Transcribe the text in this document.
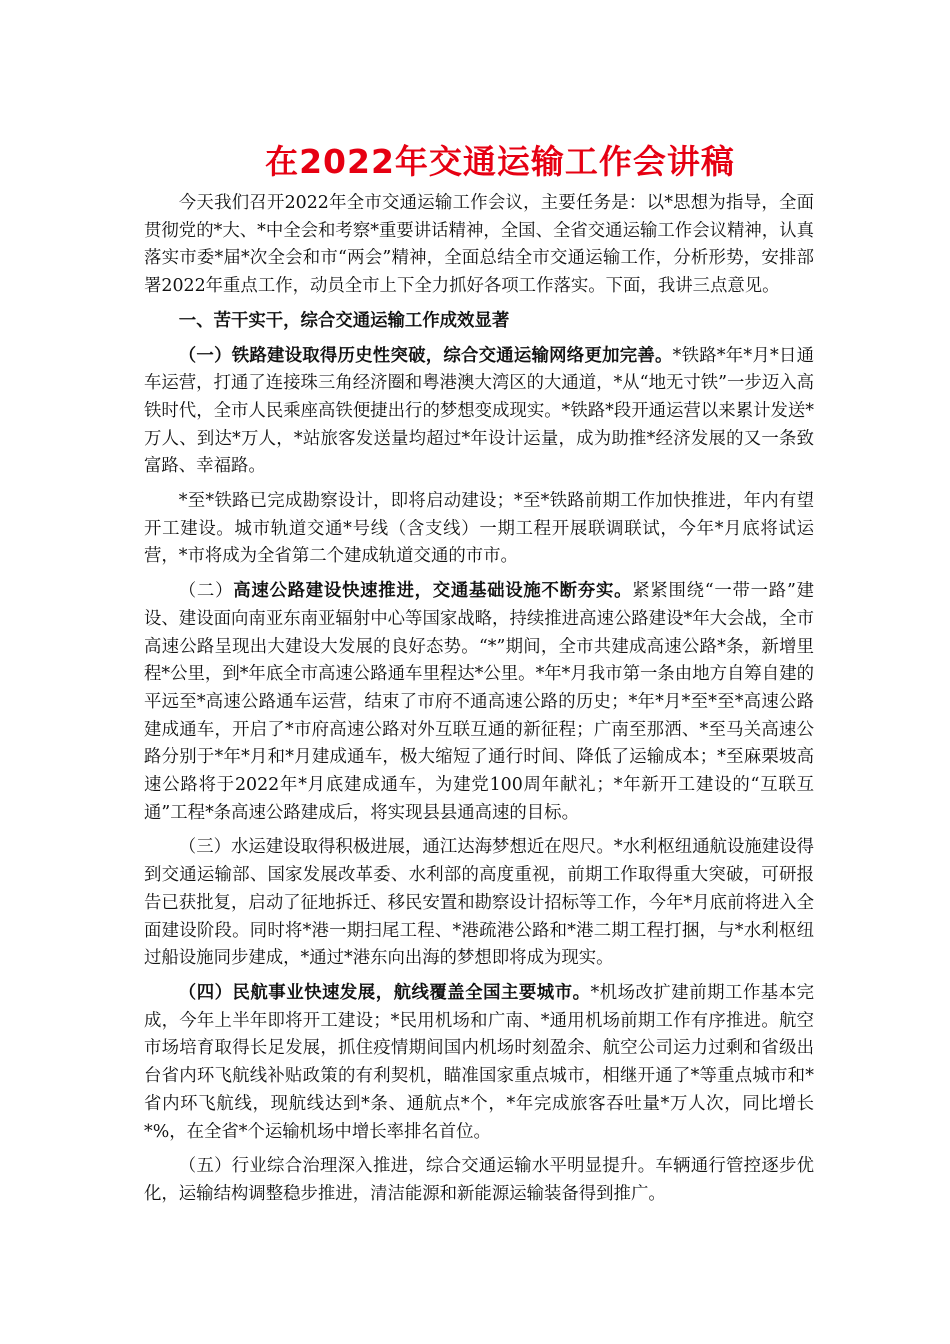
在2022年交通运输工作会讲稿

今天我们召开2022年全市交通运输工作会议，主要任务是：以*思想为指导，全面贯彻党的*大、*中全会和考察*重要讲话精神，全国、全省交通运输工作会议精神，认真落实市委*届*次全会和市“两会”精神，全面总结全市交通运输工作，分析形势，安排部署2022年重点工作，动员全市上下全力抓好各项工作落实。下面，我讲三点意见。

一、苦干实干，综合交通运输工作成效显著

（一）铁路建设取得历史性突破，综合交通运输网络更加完善。*铁路*年*月*日通车运营，打通了连接珠三角经济圈和粤港澳大湾区的大通道，*从“地无寸铁”一步迈入高铁时代，全市人民乘座高铁便捷出行的梦想变成现实。*铁路*段开通运营以来累计发送*万人、到达*万人，*站旅客发送量均超过*年设计运量，成为助推*经济发展的又一条致富路、幸福路。

*至*铁路已完成勘察设计，即将启动建设；*至*铁路前期工作加快推进，年内有望开工建设。城市轨道交通*号线（含支线）一期工程开展联调联试，今年*月底将试运营，*市将成为全省第二个建成轨道交通的市市。

（二）高速公路建设快速推进，交通基础设施不断夯实。紧紧围绕“一带一路”建设、建设面向南亚东南亚辐射中心等国家战略，持续推进高速公路建设*年大会战，全市高速公路呈现出大建设大发展的良好态势。“*”期间，全市共建成高速公路*条，新增里程*公里，到*年底全市高速公路通车里程达*公里。*年*月我市第一条由地方自筹自建的平远至*高速公路通车运营，结束了市府不通高速公路的历史；*年*月*至*至*高速公路建成通车，开启了*市府高速公路对外互联互通的新征程；广南至那洒、*至马关高速公路分别于*年*月和*月建成通车，极大缩短了通行时间、降低了运输成本；*至麻栗坡高速公路将于2022年*月底建成通车，为建党100周年献礼；*年新开工建设的“互联互通”工程*条高速公路建成后，将实现县县通高速的目标。

（三）水运建设取得积极进展，通江达海梦想近在咫尺。*水利枢纽通航设施建设得到交通运输部、国家发展改革委、水利部的高度重视，前期工作取得重大突破，可研报告已获批复，启动了征地拆迁、移民安置和勘察设计招标等工作，今年*月底前将进入全面建设阶段。同时将*港一期扫尾工程、*港疏港公路和*港二期工程打捆，与*水利枢纽过船设施同步建成，*通过*港东向出海的梦想即将成为现实。

（四）民航事业快速发展，航线覆盖全国主要城市。*机场改扩建前期工作基本完成，今年上半年即将开工建设；*民用机场和广南、*通用机场前期工作有序推进。航空市场培育取得长足发展，抓住疫情期间国内机场时刻盈余、航空公司运力过剩和省级出台省内环飞航线补贴政策的有利契机，瞄准国家重点城市，相继开通了*等重点城市和*省内环飞航线，现航线达到*条、通航点*个，*年完成旅客吞吐量*万人次，同比增长*%，在全省*个运输机场中增长率排名首位。

（五）行业综合治理深入推进，综合交通运输水平明显提升。车辆通行管控逐步优化，运输结构调整稳步推进，清洁能源和新能源运输装备得到推广。
